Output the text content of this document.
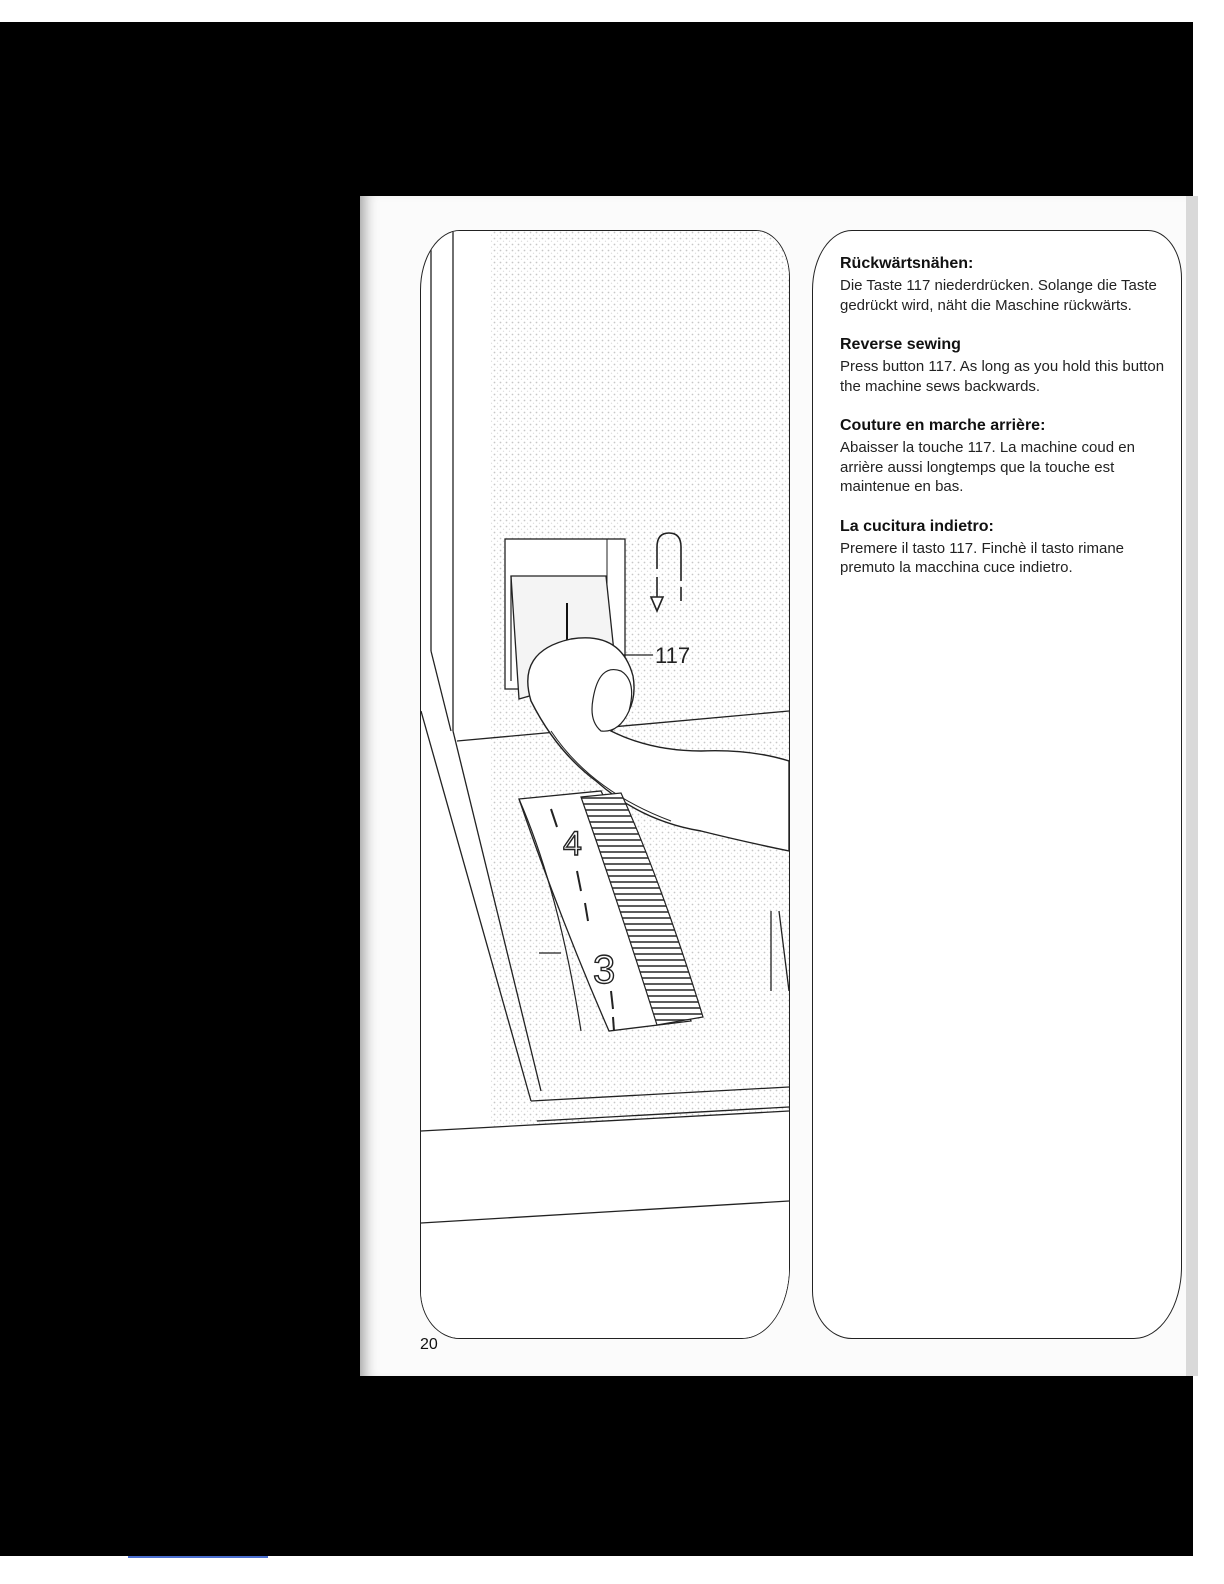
117
4
3
Rückwärtsnähen:

Die Taste 117 niederdrücken. Solange die Taste gedrückt wird, näht die Maschine rückwärts.

Reverse sewing

Press button 117. As long as you hold this button the machine sews backwards.

Couture en marche arrière:

Abaisser la touche 117. La machine coud en arrière aussi longtemps que la touche est maintenue en bas.

La cucitura indietro:

Premere il tasto 117. Finchè il tasto rimane premuto la macchina cuce indietro.

20
